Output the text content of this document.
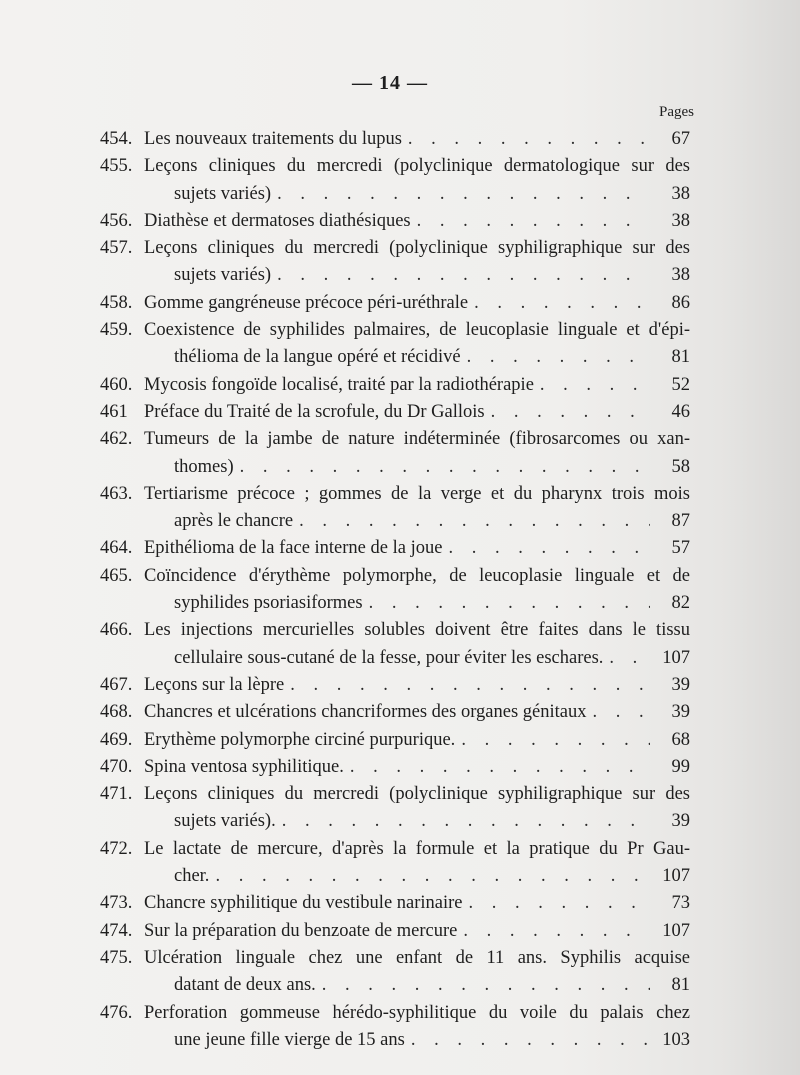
— 14 —
Pages
454. Les nouveaux traitements du lupus . . .	67
455. Leçons cliniques du mercredi (polyclinique dermatologique sur des
sujets variés) . . .	38
456. Diathèse et dermatoses diathésiques . . .	38
457. Leçons cliniques du mercredi (polyclinique syphiligraphique sur des
sujets variés) . . .	38
458. Gomme gangréneuse précoce péri-uréthrale . . .	86
459. Coexistence de syphilides palmaires, de leucoplasie linguale et d'épi-
thélioma de la langue opéré et récidivé . . .	81
460. Mycosis fongoïde localisé, traité par la radiothérapie . . .	52
461 Préface du Traité de la scrofule, du Dr Gallois . . .	46
462. Tumeurs de la jambe de nature indéterminée (fibrosarcomes ou xan-
thomes) . . .	58
463. Tertiarisme précoce ; gommes de la verge et du pharynx trois mois
après le chancre . . .	87
464. Epithélioma de la face interne de la joue . . .	57
465. Coïncidence d'érythème polymorphe, de leucoplasie linguale et de
syphilides psoriasiformes . . .	82
466. Les injections mercurielles solubles doivent être faites dans le tissu
cellulaire sous-cutané de la fesse, pour éviter les eschares. . . .	107
467. Leçons sur la lèpre . . .	39
468. Chancres et ulcérations chancriformes des organes génitaux . . .	39
469. Erythème polymorphe circiné purpurique. . . .	68
470. Spina ventosa syphilitique. . . .	99
471. Leçons cliniques du mercredi (polyclinique syphiligraphique sur des
sujets variés). . . .	39
472. Le lactate de mercure, d'après la formule et la pratique du Pr Gau-
cher. . . .	107
473. Chancre syphilitique du vestibule narinaire . . .	73
474. Sur la préparation du benzoate de mercure . . .	107
475. Ulcération linguale chez une enfant de 11 ans. Syphilis acquise
datant de deux ans. . . .	81
476. Perforation gommeuse hérédo-syphilitique du voile du palais chez
une jeune fille vierge de 15 ans . . .	103
